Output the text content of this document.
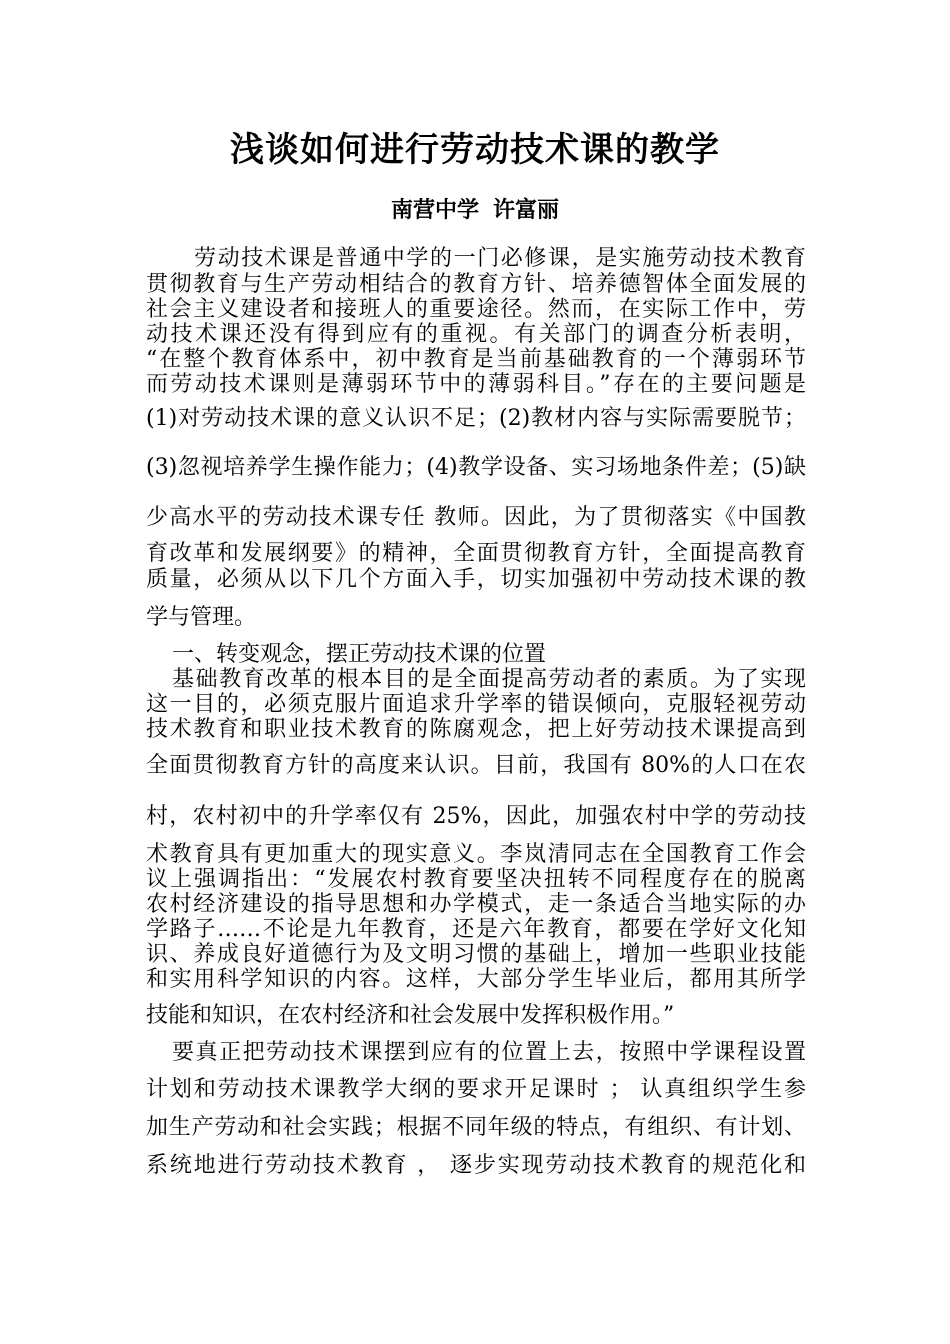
浅谈如何进行劳动技术课的教学
南营中学 许富丽
劳动技术课是普通中学的一门必修课，是实施劳动技术教育
贯彻教育与生产劳动相结合的教育方针、培养德智体全面发展的
社会主义建设者和接班人的重要途径。然而，在实际工作中，劳
动技术课还没有得到应有的重视。有关部门的调查分析表明，
“在整个教育体系中，初中教育是当前基础教育的一个薄弱环节
而劳动技术课则是薄弱环节中的薄弱科目。”存在的主要问题是
(1)对劳动技术课的意义认识不足；(2)教材内容与实际需要脱节；
(3)忽视培养学生操作能力；(4)教学设备、实习场地条件差；(5)缺
少高水平的劳动技术课专任 教师。因此，为了贯彻落实《中国教
育改革和发展纲要》的精神，全面贯彻教育方针，全面提高教育
质量，必须从以下几个方面入手，切实加强初中劳动技术课的教
学与管理。
一、转变观念，摆正劳动技术课的位置
基础教育改革的根本目的是全面提高劳动者的素质。为了实现
这一目的，必须克服片面追求升学率的错误倾向，克服轻视劳动
技术教育和职业技术教育的陈腐观念，把上好劳动技术课提高到
全面贯彻教育方针的高度来认识。目前，我国有 80%的人口在农
村，农村初中的升学率仅有 25%，因此，加强农村中学的劳动技
术教育具有更加重大的现实意义。李岚清同志在全国教育工作会
议上强调指出：“发展农村教育要坚决扭转不同程度存在的脱离
农村经济建设的指导思想和办学模式，走一条适合当地实际的办
学路子……不论是九年教育，还是六年教育，都要在学好文化知
识、养成良好道德行为及文明习惯的基础上，增加一些职业技能
和实用科学知识的内容。这样，大部分学生毕业后，都用其所学
技能和知识，在农村经济和社会发展中发挥积极作用。”
要真正把劳动技术课摆到应有的位置上去，按照中学课程设置
计划和劳动技术课教学大纲的要求开足课时 ； 认真组织学生参
加生产劳动和社会实践；根据不同年级的特点，有组织、有计划、
系统地进行劳动技术教育 ， 逐步实现劳动技术教育的规范化和
